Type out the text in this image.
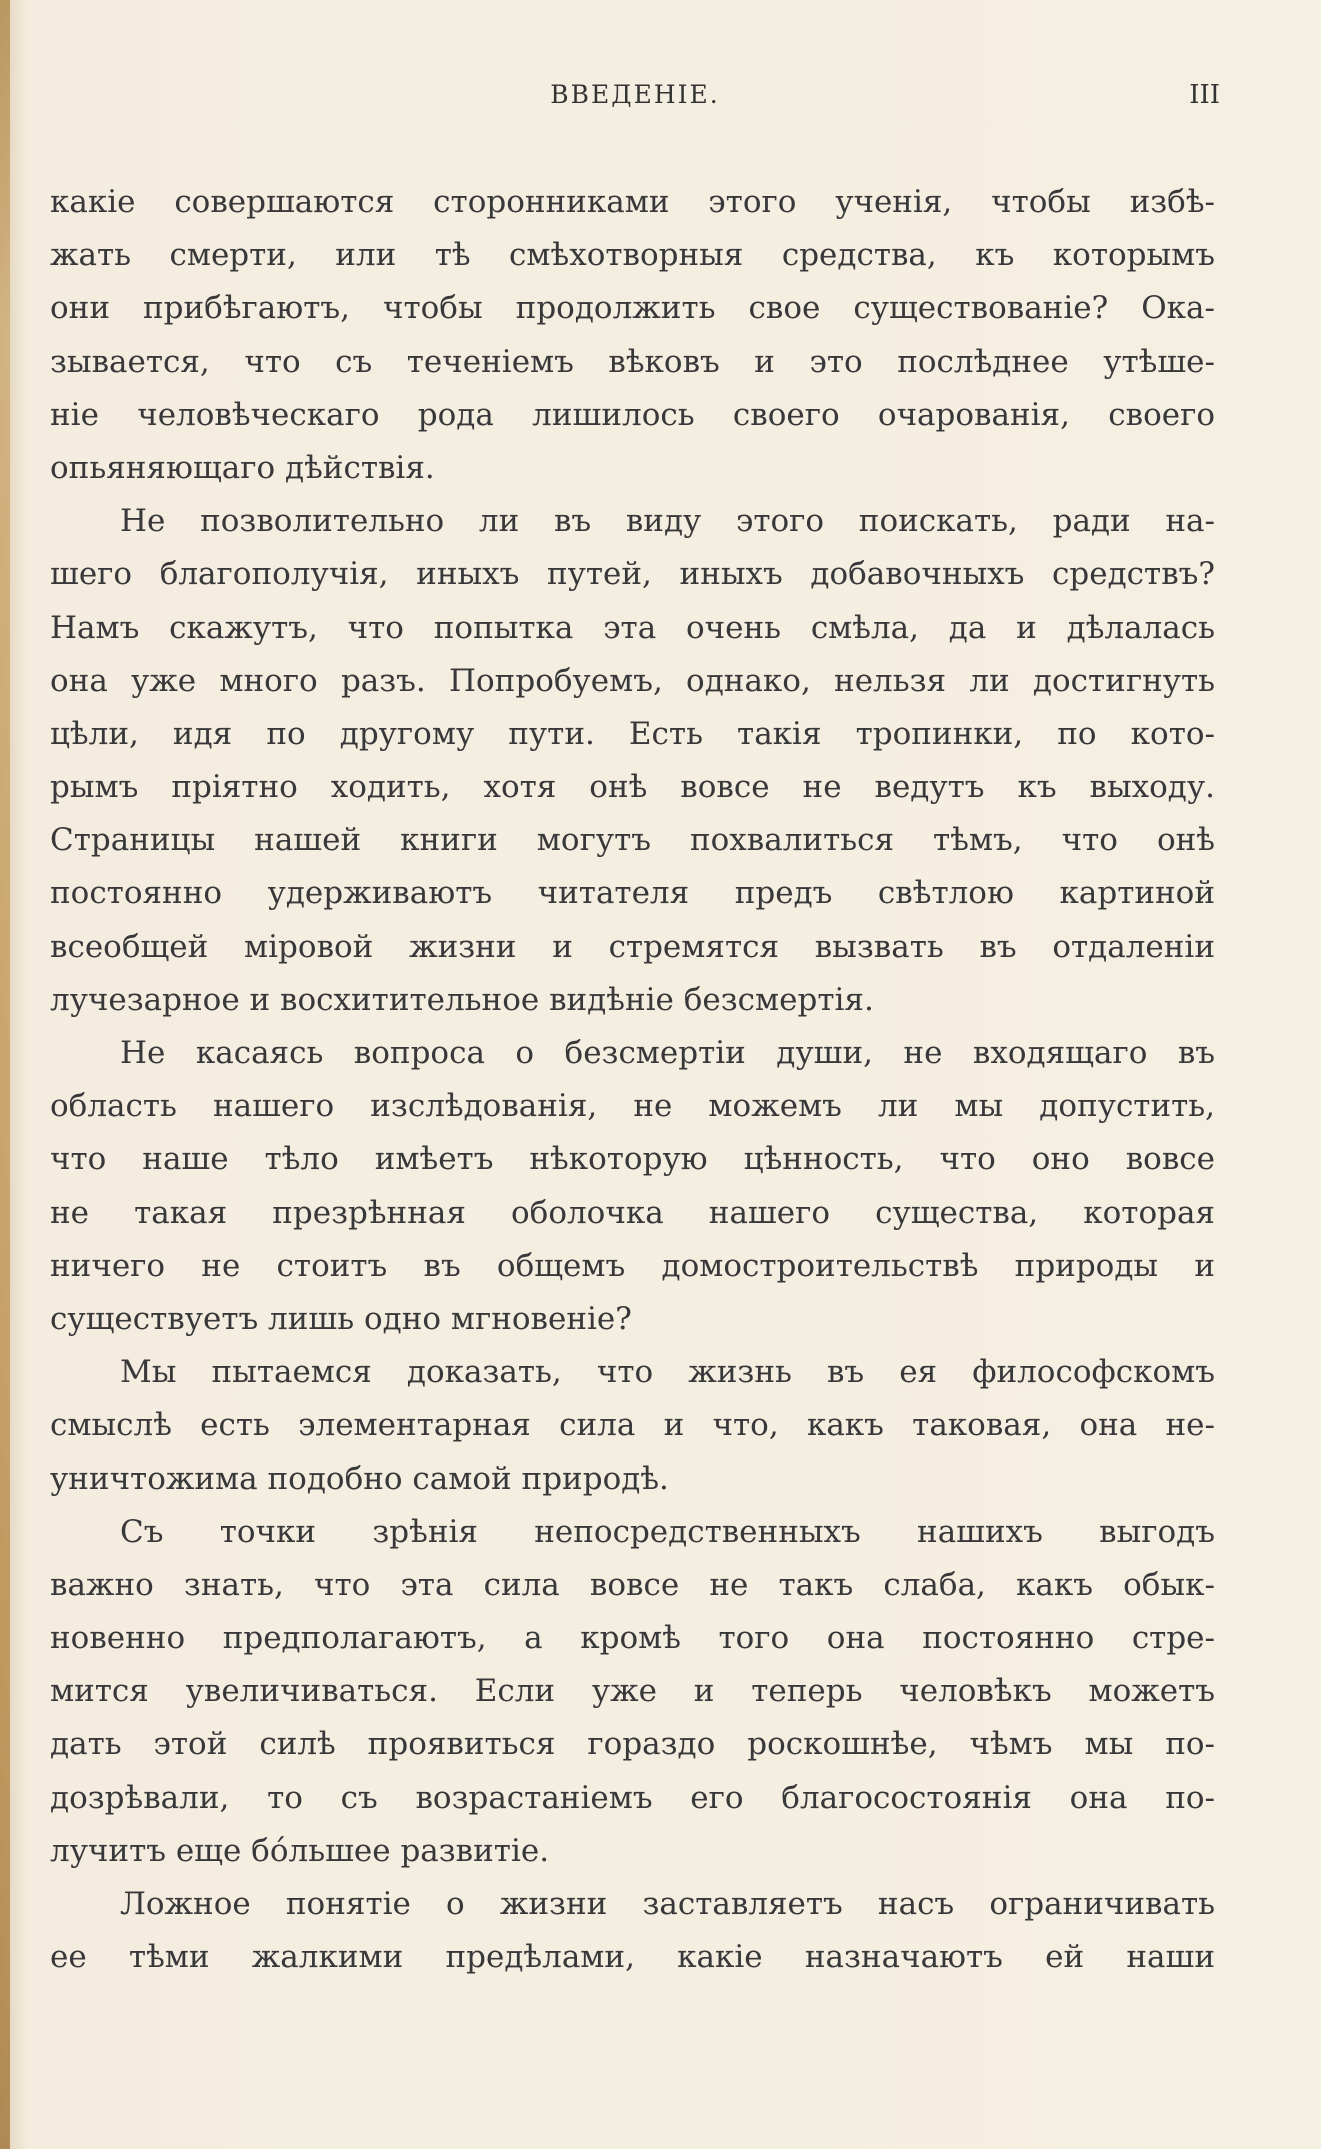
ВВЕДЕНІЕ.	III
какіе совершаются сторонниками этого ученія, чтобы избѣ-
жать смерти, или тѣ смѣхотворныя средства, къ которымъ
они прибѣгаютъ, чтобы продолжить свое существованіе? Ока-
зывается, что съ теченіемъ вѣковъ и это послѣднее утѣше-
ніе человѣческаго рода лишилось своего очарованія, своего
опьяняющаго дѣйствія.
Не позволительно ли въ виду этого поискать, ради на-
шего благополучія, иныхъ путей, иныхъ добавочныхъ средствъ?
Намъ скажутъ, что попытка эта очень смѣла, да и дѣлалась
она уже много разъ. Попробуемъ, однако, нельзя ли достигнуть
цѣли, идя по другому пути. Есть такія тропинки, по кото-
рымъ пріятно ходить, хотя онѣ вовсе не ведутъ къ выходу.
Страницы нашей книги могутъ похвалиться тѣмъ, что онѣ
постоянно удерживаютъ читателя предъ свѣтлою картиной
всеобщей міровой жизни и стремятся вызвать въ отдаленіи
лучезарное и восхитительное видѣніе безсмертія.
Не касаясь вопроса о безсмертіи души, не входящаго въ
область нашего изслѣдованія, не можемъ ли мы допустить,
что наше тѣло имѣетъ нѣкоторую цѣнность, что оно вовсе
не такая презрѣнная оболочка нашего существа, которая
ничего не стоитъ въ общемъ домостроительствѣ природы и
существуетъ лишь одно мгновеніе?
Мы пытаемся доказать, что жизнь въ ея философскомъ
смыслѣ есть элементарная сила и что, какъ таковая, она не-
уничтожима подобно самой природѣ.
Съ точки зрѣнія непосредственныхъ нашихъ выгодъ
важно знать, что эта сила вовсе не такъ слаба, какъ обык-
новенно предполагаютъ, а кромѣ того она постоянно стре-
мится увеличиваться. Если уже и теперь человѣкъ можетъ
дать этой силѣ проявиться гораздо роскошнѣе, чѣмъ мы по-
дозрѣвали, то съ возрастаніемъ его благосостоянія она по-
лучитъ еще бо́льшее развитіе.
Ложное понятіе о жизни заставляетъ насъ ограничивать
ее тѣми жалкими предѣлами, какіе назначаютъ ей наши
